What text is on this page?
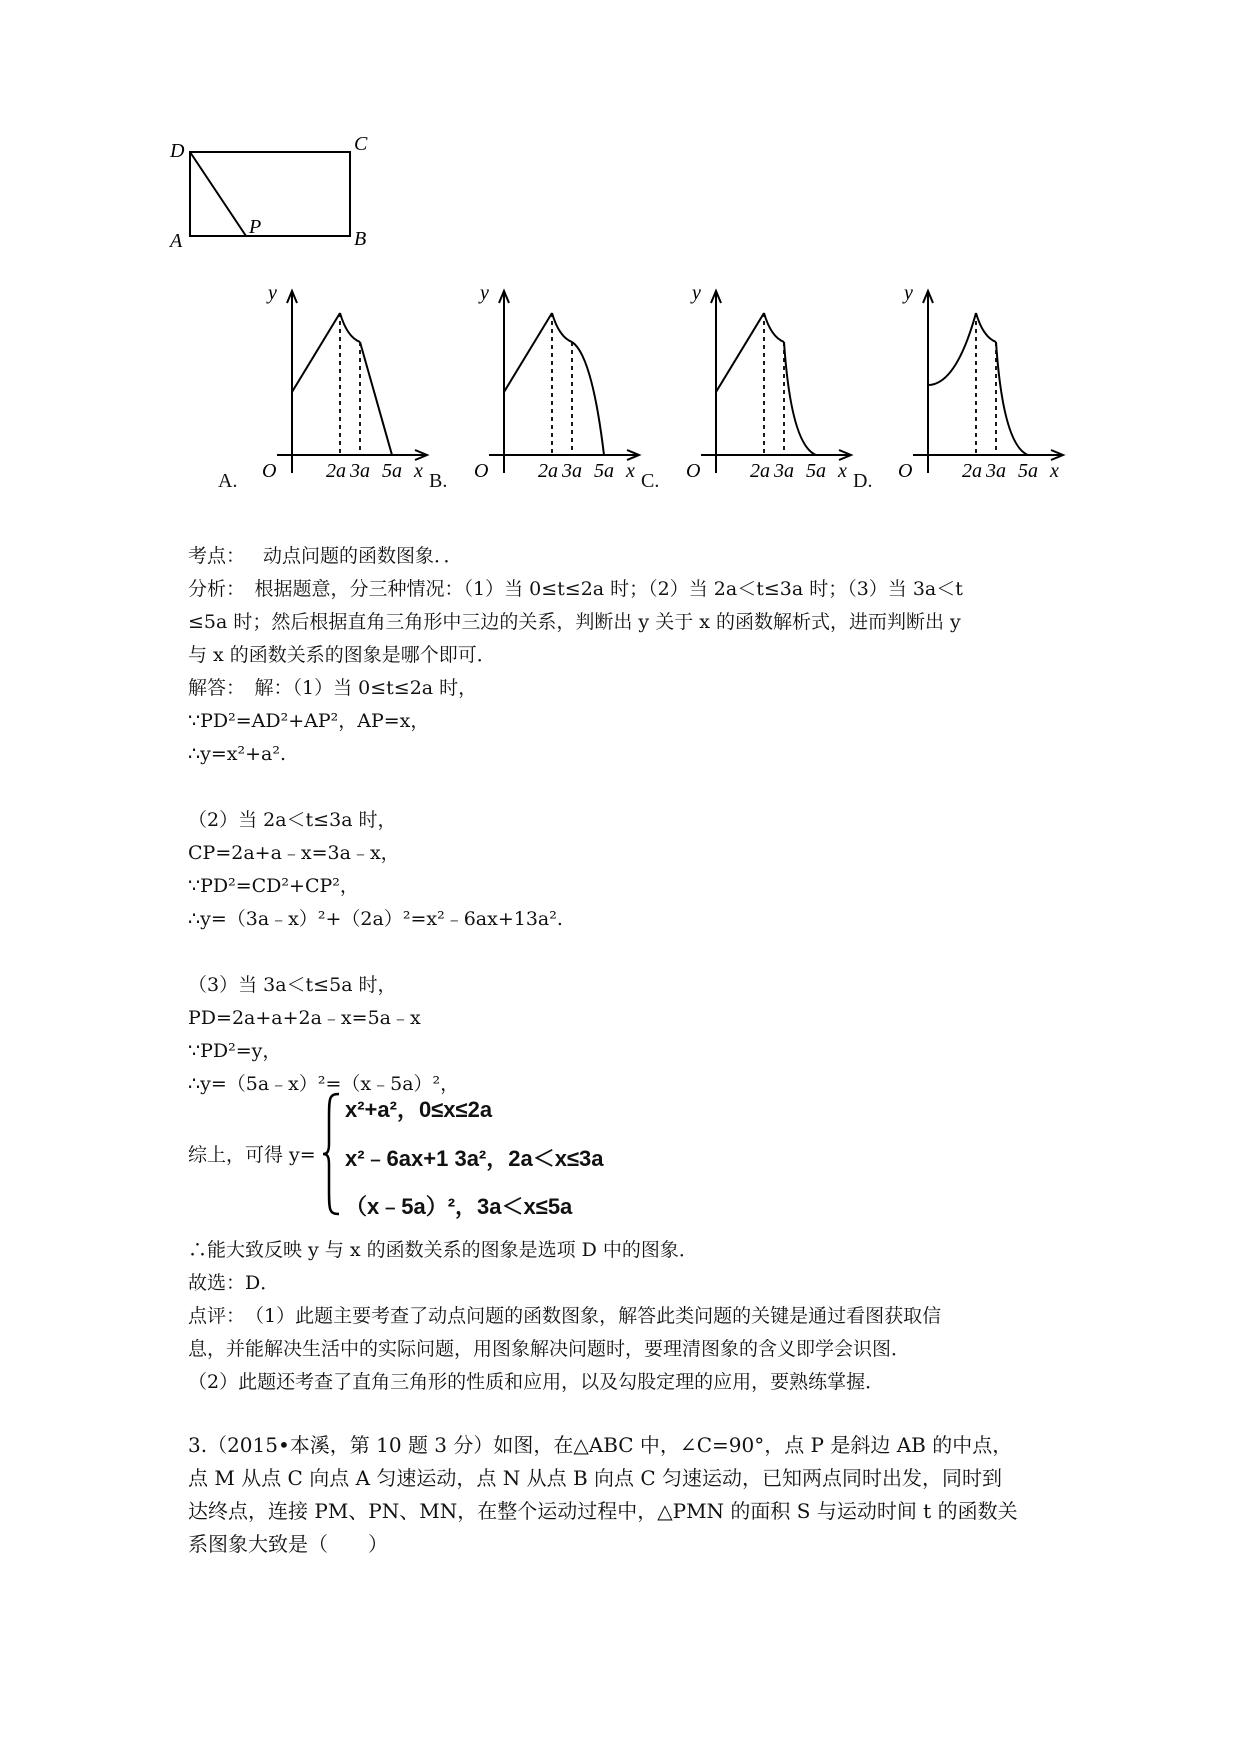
D	C
A	B
P
y
O 2a 3a 5a x
y
O 2a 3a 5a x
y
O 2a 3a 5a x
y
O 2a 3a 5a x
A.	B.	C.	D.
考点： 动点问题的函数图象．．
分析：　根据题意，分三种情况：（1）当 0≤t≤2a 时；（2）当 2a＜t≤3a 时；（3）当 3a＜t
≤5a 时；然后根据直角三角形中三边的关系，判断出 y 关于 x 的函数解析式，进而判断出 y
与 x 的函数关系的图象是哪个即可．
解答：　解：（1）当 0≤t≤2a 时，
∵PD²=AD²+AP²，AP=x，
∴y=x²+a².
（2）当 2a＜t≤3a 时，
CP=2a+a﹣x=3a﹣x，
∵PD²=CD²+CP²，
∴y=（3a﹣x）²+（2a）²=x²﹣6ax+13a².
（3）当 3a＜t≤5a 时，
PD=2a+a+2a﹣x=5a﹣x
∵PD²=y，
∴y=（5a﹣x）²=（x﹣5a）²，
综上，可得 y=
x²+a²，0≤x≤2a
x²﹣6ax+1 3a²，2a＜x≤3a
（x﹣5a）²，3a＜x≤5a
∴能大致反映 y 与 x 的函数关系的图象是选项 D 中的图象．
故选：D．
点评：　（1）此题主要考查了动点问题的函数图象，解答此类问题的关键是通过看图获取信
息，并能解决生活中的实际问题，用图象解决问题时，要理清图象的含义即学会识图．
（2）此题还考查了直角三角形的性质和应用，以及勾股定理的应用，要熟练掌握．
3.（2015•本溪，第 10 题 3 分）如图，在△ABC 中，∠C=90°，点 P 是斜边 AB 的中点，
点 M 从点 C 向点 A 匀速运动，点 N 从点 B 向点 C 匀速运动，已知两点同时出发，同时到
达终点，连接 PM、PN、MN，在整个运动过程中，△PMN 的面积 S 与运动时间 t 的函数关
系图象大致是（　　）
